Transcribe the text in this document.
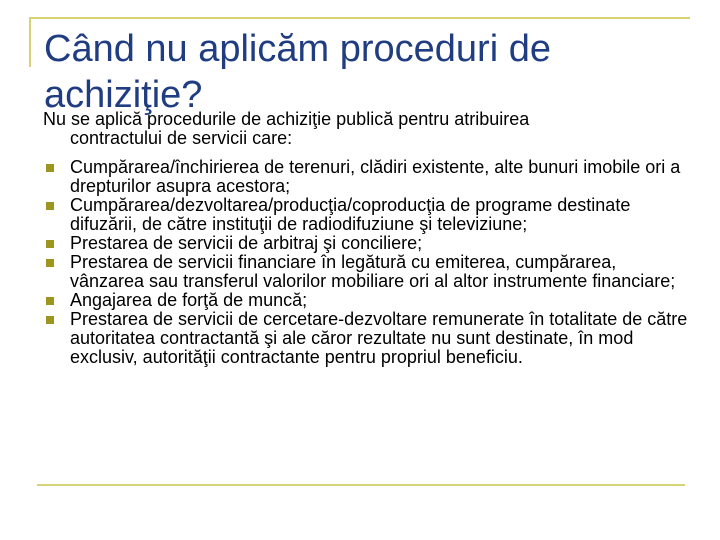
Când nu aplicăm proceduri de achiziţie?

Nu se aplică procedurile de achiziţie publică pentru atribuirea

contractului de servicii care:

Cumpărarea/închirierea de terenuri, clădiri existente, alte bunuri imobile ori a drepturilor asupra acestora;
Cumpărarea/dezvoltarea/producţia/coproducţia de programe destinate difuzării, de către instituţii de radiodifuziune şi televiziune;
Prestarea de servicii de arbitraj şi conciliere;
Prestarea de servicii financiare în legătură cu emiterea, cumpărarea, vânzarea sau transferul valorilor mobiliare ori al altor instrumente financiare;
Angajarea de forţă de muncă;
Prestarea de servicii de cercetare-dezvoltare remunerate în totalitate de către autoritatea contractantă şi ale căror rezultate nu sunt destinate, în mod exclusiv, autorităţii contractante pentru propriul beneficiu.
